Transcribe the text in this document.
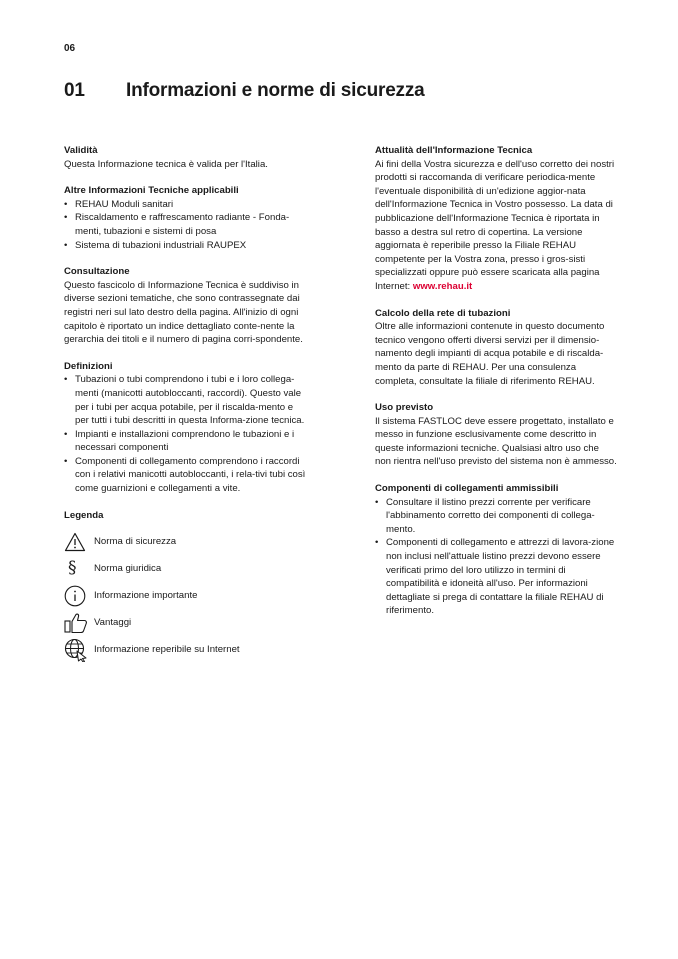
06
01 Informazioni e norme di sicurezza
Validità

Questa Informazione tecnica è valida per l'Italia.

Altre Informazioni Tecniche applicabili
• REHAU Moduli sanitari
• Riscaldamento e raffrescamento radiante - Fonda-menti, tubazioni e sistemi di posa
• Sistema di tubazioni industriali RAUPEX
Consultazione

Questo fascicolo di Informazione Tecnica è suddiviso in diverse sezioni tematiche, che sono contrassegnate dai registri neri sul lato destro della pagina. All'inizio di ogni capitolo è riportato un indice dettagliato conte-nente la gerarchia dei titoli e il numero di pagina corri-spondente.

Definizioni
• Tubazioni o tubi comprendono i tubi e i loro collega-menti (manicotti autobloccanti, raccordi). Questo vale per i tubi per acqua potabile, per il riscalda-mento e per tutti i tubi descritti in questa Informa-zione tecnica.
• Impianti e installazioni comprendono le tubazioni e i necessari componenti
• Componenti di collegamento comprendono i raccordi con i relativi manicotti autobloccanti, i rela-tivi tubi così come guarnizioni e collegamenti a vite.
Legenda
Norma di sicurezza
§ Norma giuridica
Informazione importante
Vantaggi
Informazione reperibile su Internet
Attualità dell'Informazione Tecnica

Ai fini della Vostra sicurezza e dell'uso corretto dei nostri prodotti si raccomanda di verificare periodica-mente l'eventuale disponibilità di un'edizione aggior-nata dell'Informazione Tecnica in Vostro possesso. La data di pubblicazione dell'Informazione Tecnica è riportata in basso a destra sul retro di copertina. La versione aggiornata è reperibile presso la Filiale REHAU competente per la Vostra zona, presso i gros-sisti specializzati oppure può essere scaricata alla pagina Internet: www.rehau.it

Calcolo della rete di tubazioni

Oltre alle informazioni contenute in questo documento tecnico vengono offerti diversi servizi per il dimensio-namento degli impianti di acqua potabile e di riscalda-mento da parte di REHAU. Per una consulenza completa, consultate la filiale di riferimento REHAU.

Uso previsto

Il sistema FASTLOC deve essere progettato, installato e messo in funzione esclusivamente come descritto in queste informazioni tecniche. Qualsiasi altro uso che non rientra nell'uso previsto del sistema non è ammesso.

Componenti di collegamenti ammissibili
• Consultare il listino prezzi corrente per verificare l'abbinamento corretto dei componenti di collega-mento.
• Componenti di collegamento e attrezzi di lavora-zione non inclusi nell'attuale listino prezzi devono essere verificati primo del loro utilizzo in termini di compatibilità e idoneità all'uso. Per informazioni dettagliate si prega di contattare la filiale REHAU di riferimento.
